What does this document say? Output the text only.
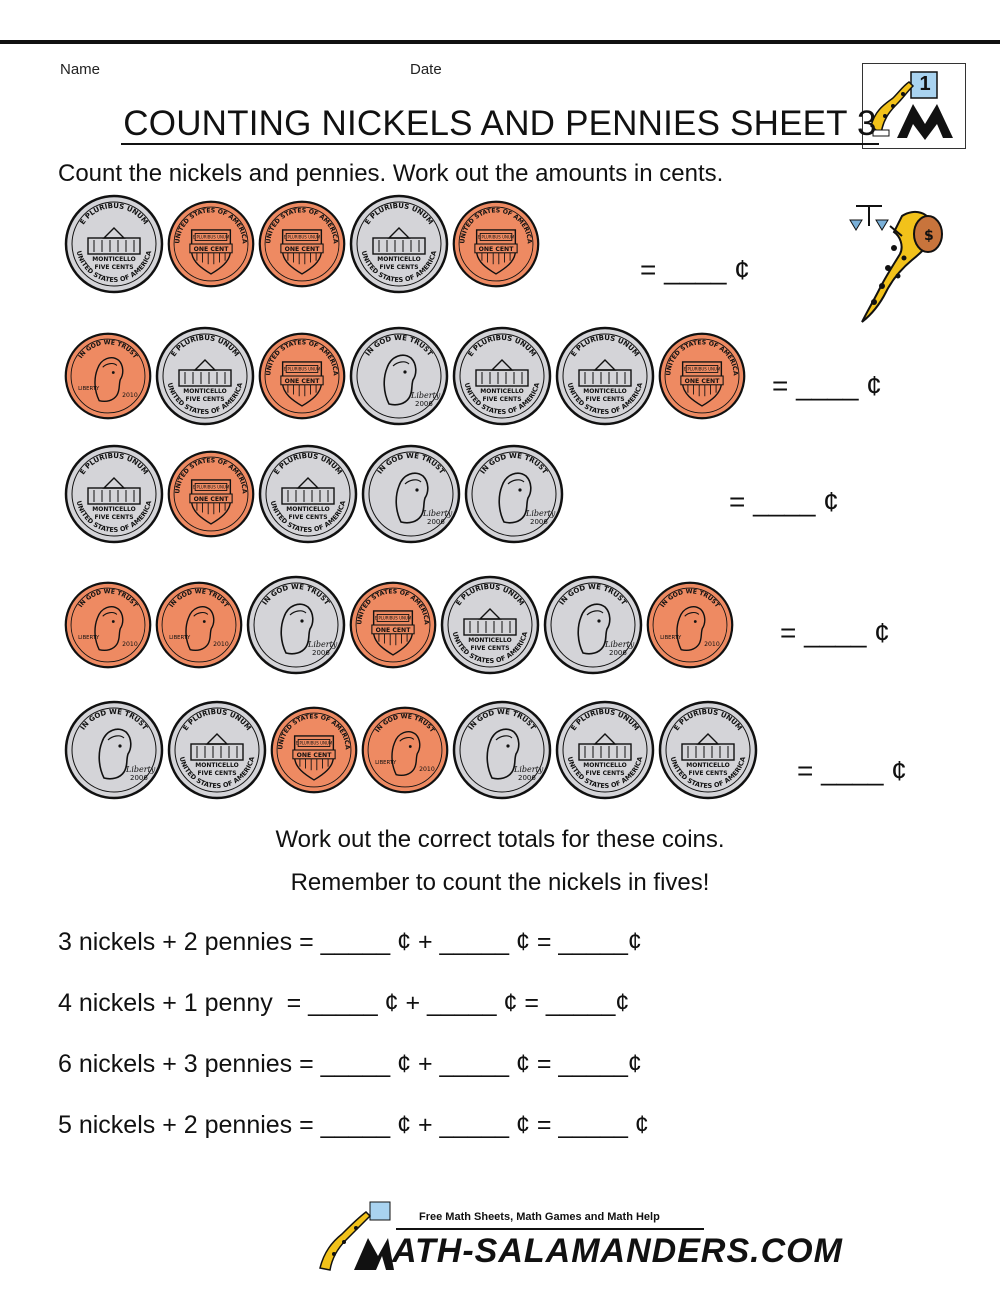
Name	Date
1
COUNTING NICKELS AND PENNIES SHEET 3
Count the nickels and pennies. Work out the amounts in cents.
E PLURIBUS UNUM
MONTICELLO
FIVE CENTS
UNITED STATES OF AMERICA
UNITED STATES OF AMERICA
E PLURIBUS UNUM
ONE CENT
UNITED STATES OF AMERICA
E PLURIBUS UNUM
ONE CENT
E PLURIBUS UNUM
MONTICELLO
FIVE CENTS
UNITED STATES OF AMERICA
UNITED STATES OF AMERICA
E PLURIBUS UNUM
ONE CENT
IN GOD WE TRUST
LIBERTY
2010
E PLURIBUS UNUM
MONTICELLO
FIVE CENTS
UNITED STATES OF AMERICA
UNITED STATES OF AMERICA
E PLURIBUS UNUM
ONE CENT
IN GOD WE TRUST
2006
Liberty
E PLURIBUS UNUM
MONTICELLO
FIVE CENTS
UNITED STATES OF AMERICA
E PLURIBUS UNUM
MONTICELLO
FIVE CENTS
UNITED STATES OF AMERICA
UNITED STATES OF AMERICA
E PLURIBUS UNUM
ONE CENT
E PLURIBUS UNUM
MONTICELLO
FIVE CENTS
UNITED STATES OF AMERICA
UNITED STATES OF AMERICA
E PLURIBUS UNUM
ONE CENT
E PLURIBUS UNUM
MONTICELLO
FIVE CENTS
UNITED STATES OF AMERICA
IN GOD WE TRUST
2006
Liberty
IN GOD WE TRUST
2006
Liberty
IN GOD WE TRUST
LIBERTY
2010
IN GOD WE TRUST
LIBERTY
2010
IN GOD WE TRUST
2006
Liberty
UNITED STATES OF AMERICA
E PLURIBUS UNUM
ONE CENT
E PLURIBUS UNUM
MONTICELLO
FIVE CENTS
UNITED STATES OF AMERICA
IN GOD WE TRUST
2006
Liberty
IN GOD WE TRUST
LIBERTY
2010
IN GOD WE TRUST
2006
Liberty
E PLURIBUS UNUM
MONTICELLO
FIVE CENTS
UNITED STATES OF AMERICA
UNITED STATES OF AMERICA
E PLURIBUS UNUM
ONE CENT
IN GOD WE TRUST
LIBERTY
2010
IN GOD WE TRUST
2006
Liberty
E PLURIBUS UNUM
MONTICELLO
FIVE CENTS
UNITED STATES OF AMERICA
E PLURIBUS UNUM
MONTICELLO
FIVE CENTS
UNITED STATES OF AMERICA
= ____ ¢
= ____ ¢
= ____ ¢
= ____ ¢
= ____ ¢
$
Work out the correct totals for these coins.
Remember to count the nickels in fives!
3 nickels + 2 pennies = _____ ¢ + _____ ¢ = _____¢
4 nickels + 1 penny  = _____ ¢ + _____ ¢ = _____¢
6 nickels + 3 pennies = _____ ¢ + _____ ¢ = _____¢
5 nickels + 2 pennies = _____ ¢ + _____ ¢ = _____ ¢
Free Math Sheets, Math Games and Math Help
ATH-SALAMANDERS.COM
